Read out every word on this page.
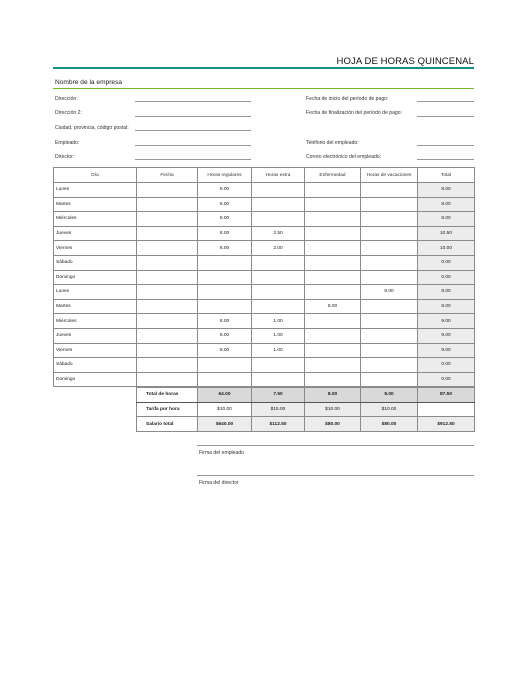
HOJA DE HORAS QUINCENAL
Nombre de la empresa
Dirección:
Dirección 2:
Ciudad, provincia, código postal:
Empleado:
Director:
Fecha de inicio del período de pago:
Fecha de finalización del período de pago:
Teléfono del empleado:
Correo electrónico del empleado:
Día	Fecha	Horas regulares	Horas extra	Enfermedad	Horas de vacaciones	Total
Lunes		8.00				8.00
Martes		8.00				8.00
Miércoles		8.00				8.00
Jueves		8.00	2.50			10.50
Viernes		8.00	2.00			10.00
Sábado						0.00
Domingo						0.00
Lunes					8.00	8.00
Martes				8.00		8.00
Miércoles		8.00	1.00			9.00
Jueves		8.00	1.00			9.00
Viernes		8.00	1.00			9.00
Sábado						0.00
Domingo						0.00
Total de horas	64.00	7.50	8.00	8.00	87.50
Tarifa por hora	$10.00	$15.00	$10.00	$10.00	
Salario total	$640.00	$112.50	$80.00	$80.00	$912.50
Firma del empleado
Firma del director
